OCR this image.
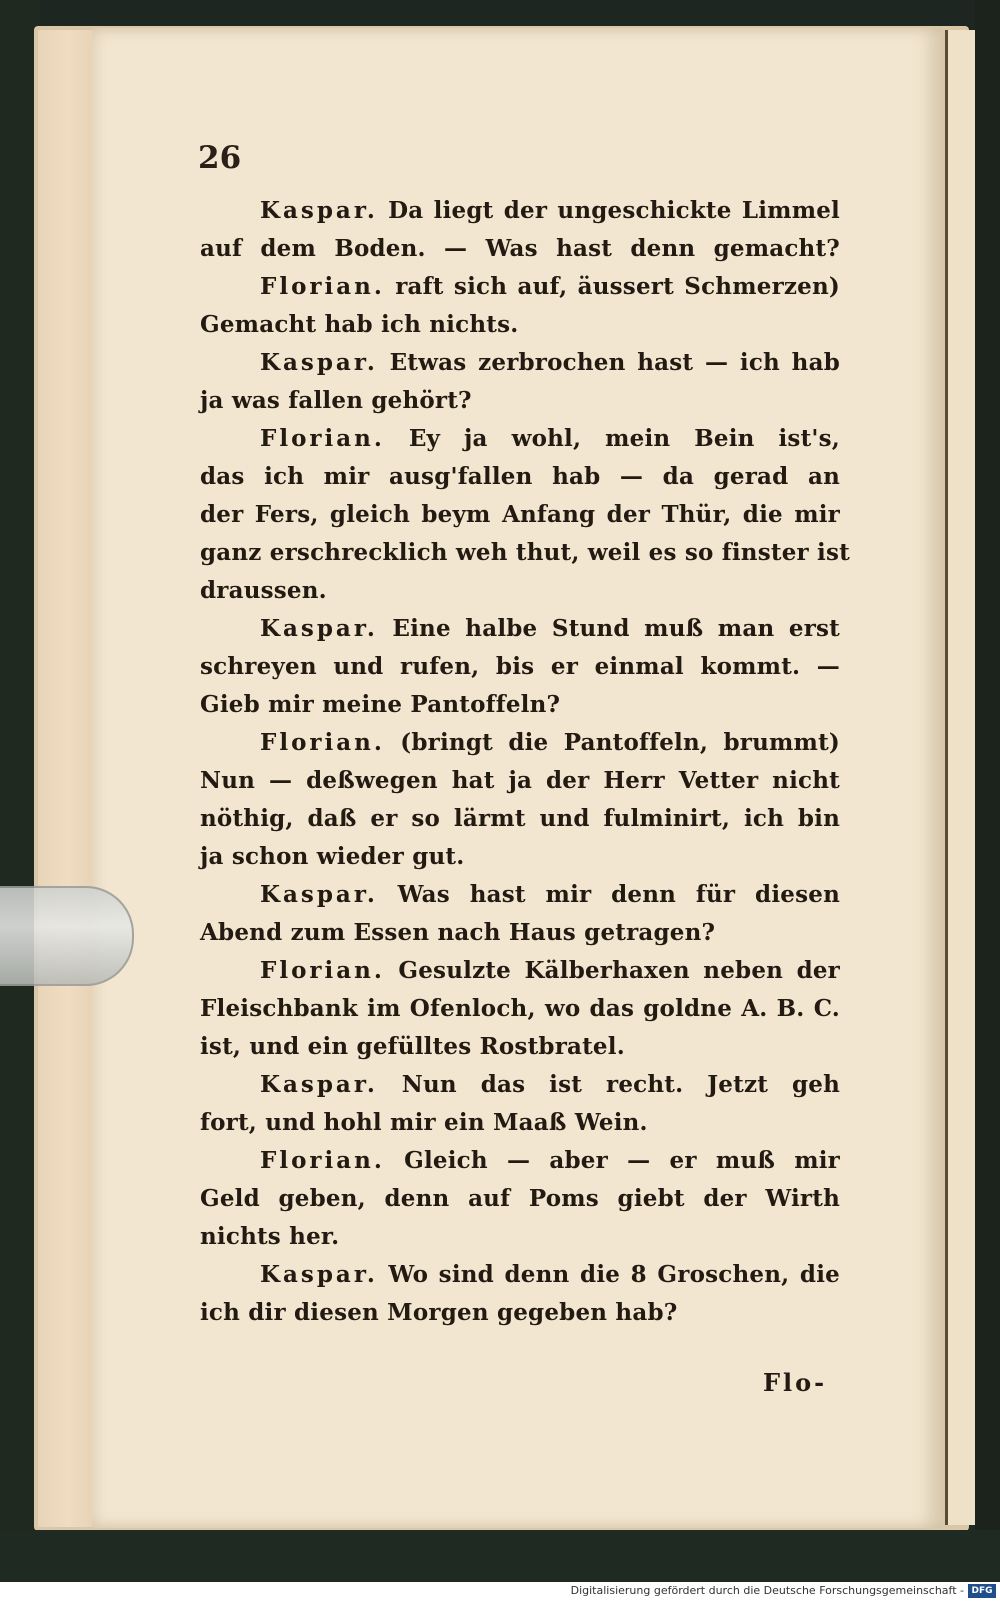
26
Kaspar. Da liegt der ungeschickte Limmel
auf dem Boden. — Was hast denn gemacht?
Florian. raft sich auf, äussert Schmerzen)
Gemacht hab ich nichts.
Kaspar. Etwas zerbrochen hast — ich hab
ja was fallen gehört?
Florian. Ey ja wohl, mein Bein ist's,
das ich mir ausg'fallen hab — da gerad an
der Fers, gleich beym Anfang der Thür, die mir
ganz erschrecklich weh thut, weil es so finster ist
draussen.
Kaspar. Eine halbe Stund muß man erst
schreyen und rufen, bis er einmal kommt. —
Gieb mir meine Pantoffeln?
Florian. (bringt die Pantoffeln, brummt)
Nun — deßwegen hat ja der Herr Vetter nicht
nöthig, daß er so lärmt und fulminirt, ich bin
ja schon wieder gut.
Kaspar. Was hast mir denn für diesen
Abend zum Essen nach Haus getragen?
Florian. Gesulzte Kälberhaxen neben der
Fleischbank im Ofenloch, wo das goldne A. B. C.
ist, und ein gefülltes Rostbratel.
Kaspar. Nun das ist recht. Jetzt geh
fort, und hohl mir ein Maaß Wein.
Florian. Gleich — aber — er muß mir
Geld geben, denn auf Poms giebt der Wirth
nichts her.
Kaspar. Wo sind denn die 8 Groschen, die
ich dir diesen Morgen gegeben hab?
Flo-
Digitalisierung gefördert durch die Deutsche Forschungsgemeinschaft - DFG
